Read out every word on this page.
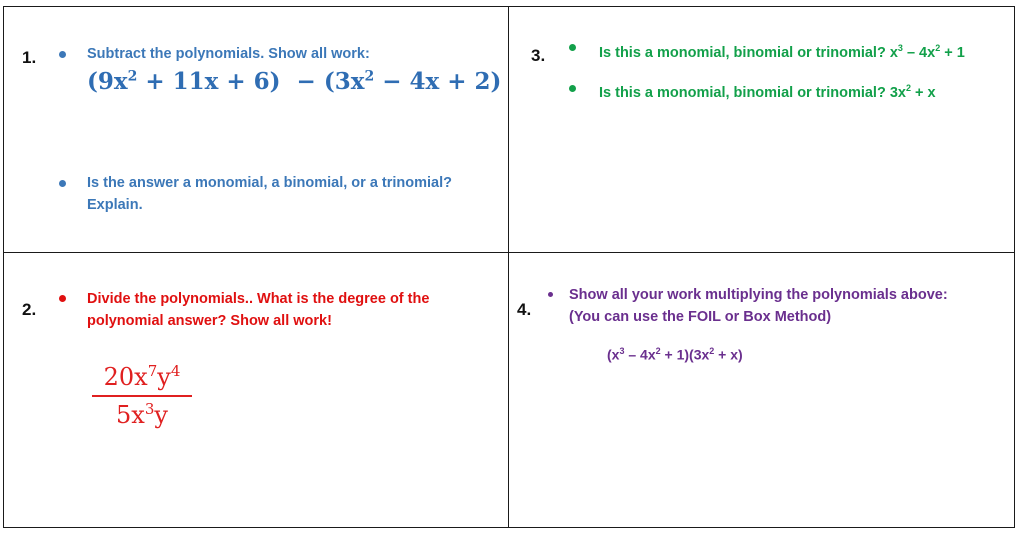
1.	Subtract the polynomials. Show all work:
$(9x^2 + 11x + 6) - (3x^2 - 4x + 2)$
Is the answer a monomial, a binomial, or a trinomial?
Explain.
2.
Divide the polynomials.. What is the degree of the
polynomial answer? Show all work!
$20x^7y^4$
$5x^3y$
3.	Is this a monomial, binomial or trinomial? $x^3 - 4x^2 + 1$
Is this a monomial, binomial or trinomial? $3x^2 + x$
4.
Show all your work multiplying the polynomials above:
(You can use the FOIL or Box Method)
$(x^3 - 4x^2 + 1)(3x^2 + x)$
